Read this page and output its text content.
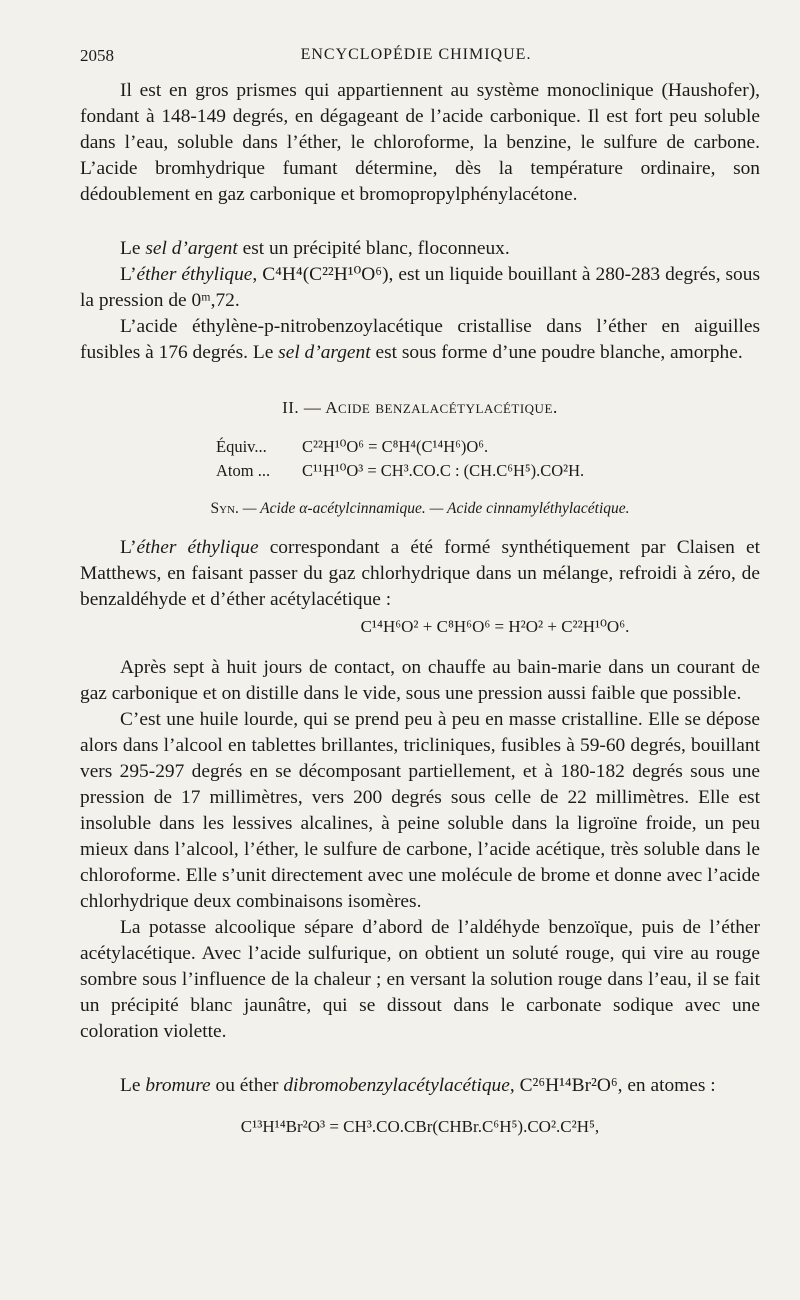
2058	ENCYCLOPÉDIE CHIMIQUE.

Il est en gros prismes qui appartiennent au système monoclinique (Haushofer), fondant à 148-149 degrés, en dégageant de l’acide carbonique. Il est fort peu soluble dans l’eau, soluble dans l’éther, le chloroforme, la benzine, le sulfure de carbone. L’acide bromhydrique fumant détermine, dès la température ordinaire, son dédoublement en gaz carbonique et bromopropylphénylacétone.

Le sel d’argent est un précipité blanc, floconneux.

L’éther éthylique, C⁴H⁴(C²²H¹⁰O⁶), est un liquide bouillant à 280-283 degrés, sous la pression de 0ᵐ,72.

L’acide éthylène-p-nitrobenzoylacétique cristallise dans l’éther en aiguilles fusibles à 176 degrés. Le sel d’argent est sous forme d’une poudre blanche, amorphe.

II. — Acide benzalacétylacétique.
Équiv...	C²²H¹⁰O⁶ = C⁸H⁴(C¹⁴H⁶)O⁶.
Atom ...	C¹¹H¹⁰O³ = CH³.CO.C : (CH.C⁶H⁵).CO²H.
Syn. — Acide α-acétylcinnamique. — Acide cinnamyléthylacétique.

L’éther éthylique correspondant a été formé synthétiquement par Claisen et Matthews, en faisant passer du gaz chlorhydrique dans un mélange, refroidi à zéro, de benzaldéhyde et d’éther acétylacétique :

C¹⁴H⁶O² + C⁸H⁶O⁶ = H²O² + C²²H¹⁰O⁶.

Après sept à huit jours de contact, on chauffe au bain-marie dans un courant de gaz carbonique et on distille dans le vide, sous une pression aussi faible que possible.

C’est une huile lourde, qui se prend peu à peu en masse cristalline. Elle se dépose alors dans l’alcool en tablettes brillantes, tricliniques, fusibles à 59-60 degrés, bouillant vers 295-297 degrés en se décomposant partiellement, et à 180-182 degrés sous une pression de 17 millimètres, vers 200 degrés sous celle de 22 millimètres. Elle est insoluble dans les lessives alcalines, à peine soluble dans la ligroïne froide, un peu mieux dans l’alcool, l’éther, le sulfure de carbone, l’acide acétique, très soluble dans le chloroforme. Elle s’unit directement avec une molécule de brome et donne avec l’acide chlorhydrique deux combinaisons isomères.

La potasse alcoolique sépare d’abord de l’aldéhyde benzoïque, puis de l’éther acétylacétique. Avec l’acide sulfurique, on obtient un soluté rouge, qui vire au rouge sombre sous l’influence de la chaleur ; en versant la solution rouge dans l’eau, il se fait un précipité blanc jaunâtre, qui se dissout dans le carbonate sodique avec une coloration violette.

Le bromure ou éther dibromobenzylacétylacétique, C²⁶H¹⁴Br²O⁶, en atomes :

C¹³H¹⁴Br²O³ = CH³.CO.CBr(CHBr.C⁶H⁵).CO².C²H⁵,
